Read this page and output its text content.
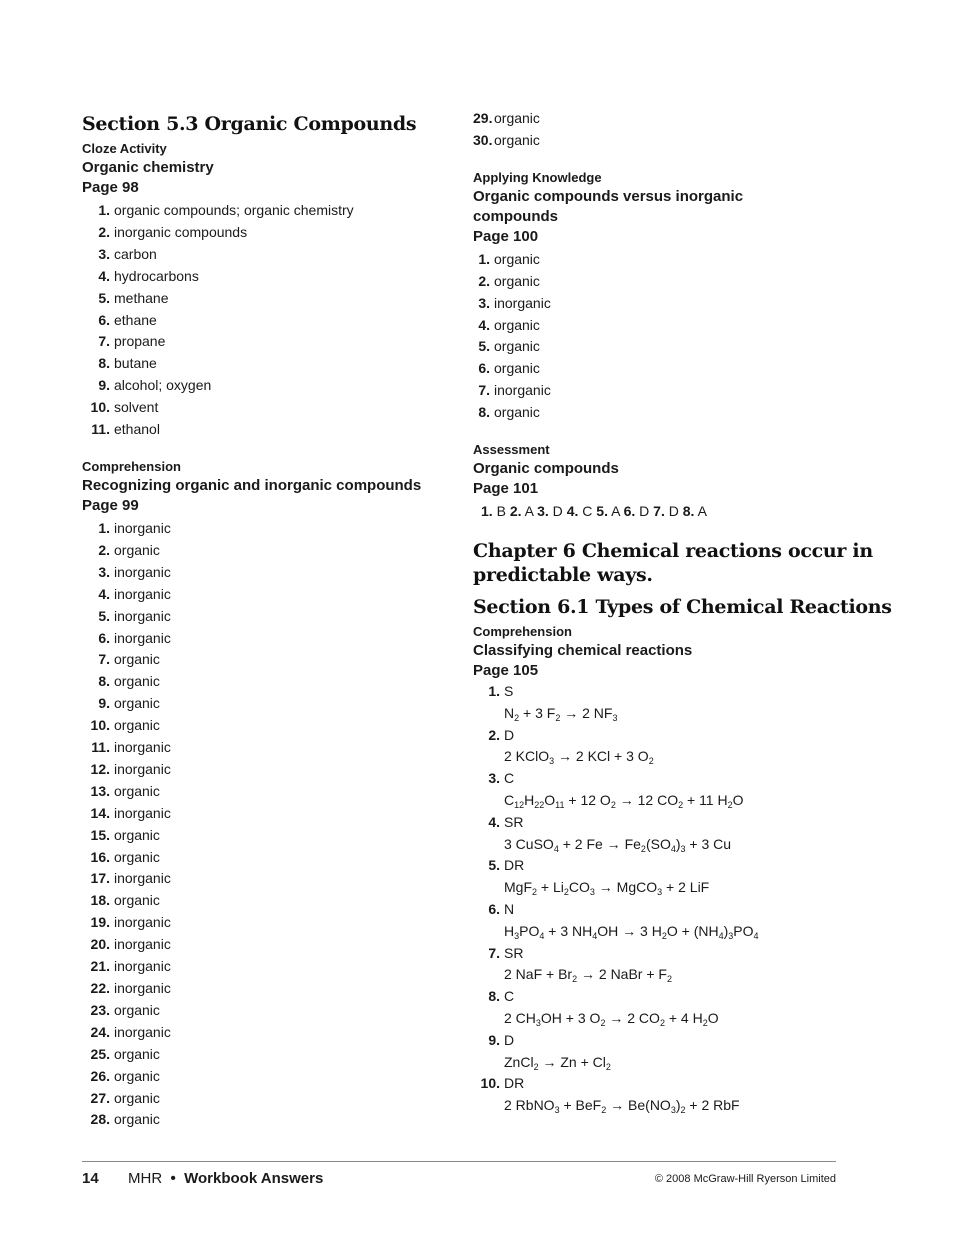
Section 5.3 Organic Compounds
Cloze Activity
Organic chemistry
Page 98
1. organic compounds; organic chemistry
2. inorganic compounds
3. carbon
4. hydrocarbons
5. methane
6. ethane
7. propane
8. butane
9. alcohol; oxygen
10. solvent
11. ethanol
Comprehension
Recognizing organic and inorganic compounds
Page 99
1. inorganic
2. organic
3. inorganic
4. inorganic
5. inorganic
6. inorganic
7. organic
8. organic
9. organic
10. organic
11. inorganic
12. inorganic
13. organic
14. inorganic
15. organic
16. organic
17. inorganic
18. organic
19. inorganic
20. inorganic
21. inorganic
22. inorganic
23. organic
24. inorganic
25. organic
26. organic
27. organic
28. organic
29. organic
30. organic
Applying Knowledge
Organic compounds versus inorganic
compounds
Page 100
1. organic
2. organic
3. inorganic
4. organic
5. organic
6. organic
7. inorganic
8. organic
Assessment
Organic compounds
Page 101
1. B 2. A 3. D 4. C 5. A 6. D 7. D 8. A
Chapter 6 Chemical reactions occur in
predictable ways.
Section 6.1 Types of Chemical Reactions
Comprehension
Classifying chemical reactions
Page 105
1. S
$N_2 + 3$ $F_2 \to 2$ $NF_3$
2. D
2 KClO$_3$ → 2 KCl + 3 $O_2$
3. C
$C_{12}H_{22}O_{11} + 12$ $O_2 \to 12$ $CO_2 + 11$ $H_2O$
4. SR
3 CuSO$_4$ + 2 $Fe \to Fe_2(SO_4)_3 + 3$ Cu
5. DR
$MgF_2 + Li_2CO_3$ → MgCO$_3$ + 2 LiF
6. N
$H_3PO_4 + 3$ $NH_4OH \to 3$ $H_2O + (NH_4)_3PO_4$
7. SR
2 NaF + $Br_2 \to 2$ NaBr + $F_2$
8. C
2 $CH_3OH + 3$ $O_2 \to 2$ $CO_2 + 4$ $H_2O$
9. D
ZnCl$_2$ → $Zn + Cl_2$
10. DR
2 RbNO$_3$ + $BeF_2 \to Be(NO_3)_2 + 2$ RbF
14 MHR • Workbook Answers	© 2008 McGraw-Hill Ryerson Limited
